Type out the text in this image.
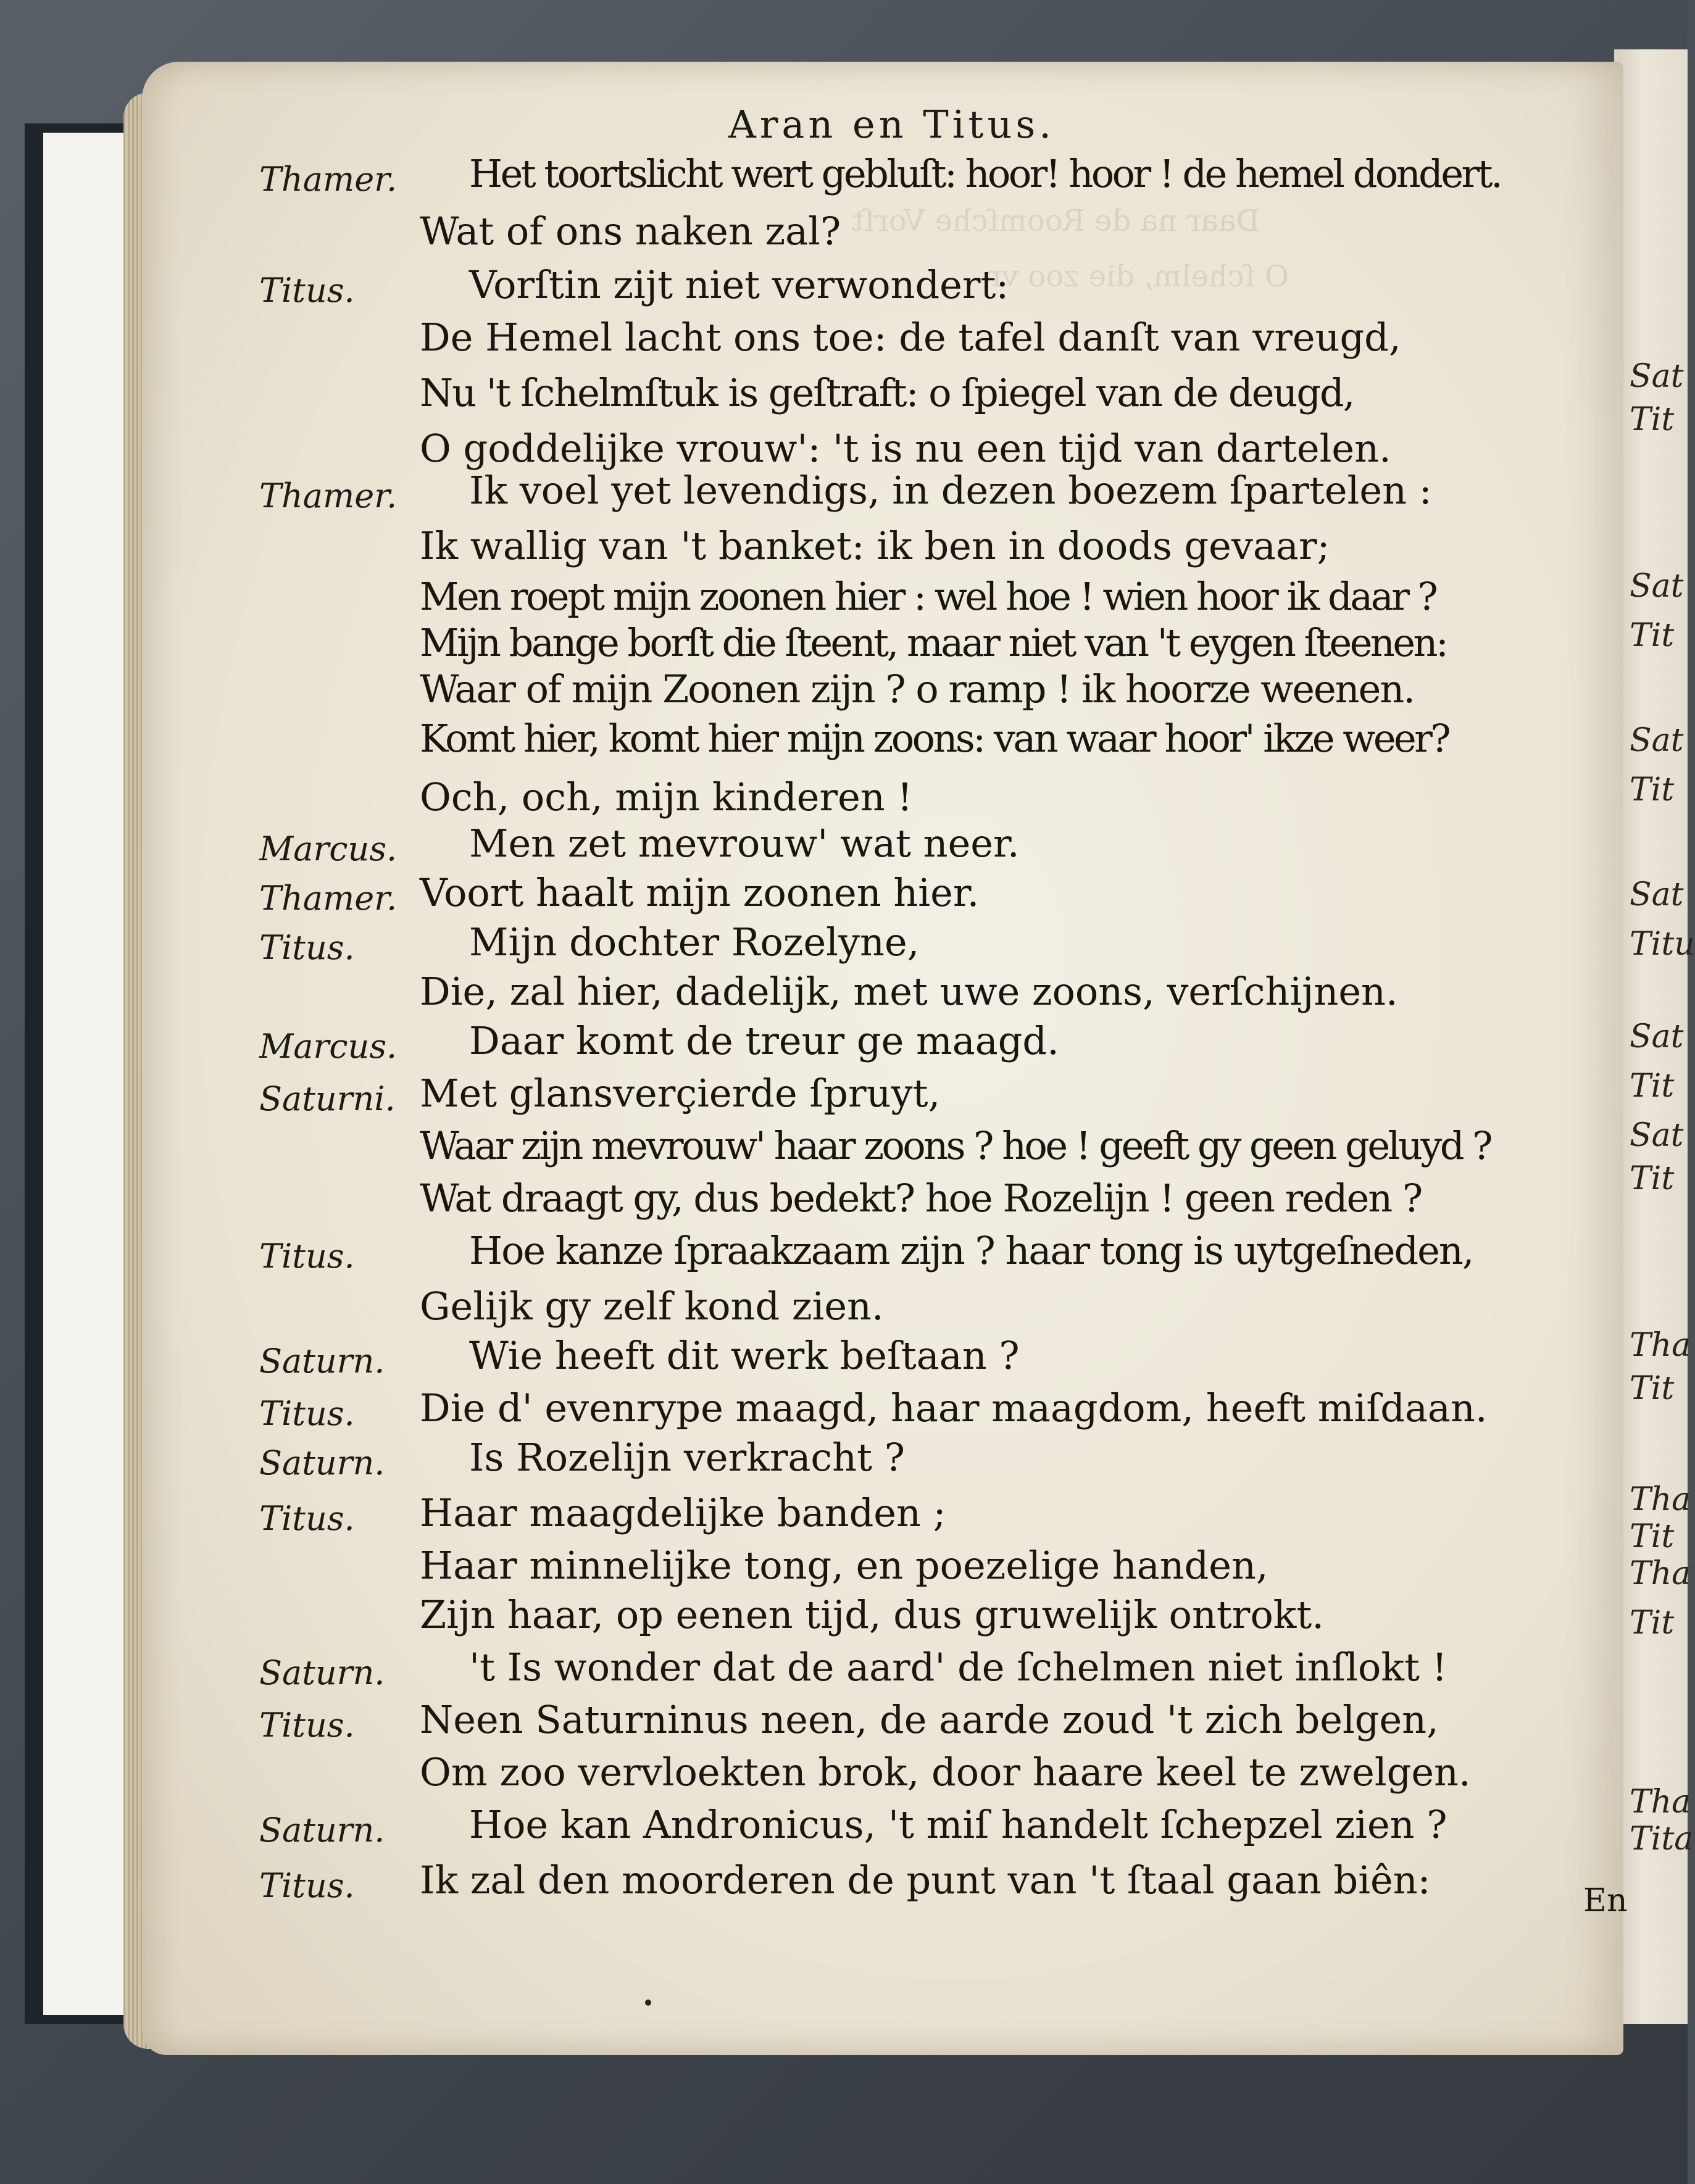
Sat
Tit
Sat
Tit
Sat
Tit
Sat
Titu
Sat
Tit
Sat
Tit
Tha
Tit
Tha
Tit
Tha
Tit
Tha
Tita
Daar na de Roomſche Vorſt
O ſchelm, die zoo vr
Aran en Titus.
Thamer. Het toortslicht wert gebluſt: hoor! hoor ! de hemel dondert.
Wat of ons naken zal?
Titus.	Vorſtin zijt niet verwondert:
De Hemel lacht ons toe: de tafel danſt van vreugd,
Nu 't ſchelmſtuk is geſtraft: o ſpiegel van de deugd,
O goddelijke vrouw': 't is nu een tijd van dartelen.
Thamer. Ik voel yet levendigs, in dezen boezem ſpartelen :
Ik wallig van 't banket: ik ben in doods gevaar;
Men roept mijn zoonen hier : wel hoe ! wien hoor ik daar ?
Mijn bange borſt die ſteent, maar niet van 't eygen ſteenen:
Waar of mijn Zoonen zijn ? o ramp ! ik hoorze weenen.
Komt hier, komt hier mijn zoons: van waar hoor' ikze weer?
Och, och, mijn kinderen !
Marcus. Men zet mevrouw' wat neer.
Thamer. Voort haalt mijn zoonen hier.
Titus.	Mijn dochter Rozelyne,
Die, zal hier, dadelijk, met uwe zoons, verſchijnen.
Marcus. Daar komt de treur ge maagd.
Saturni. Met glansverçierde ſpruyt,
Waar zijn mevrouw' haar zoons ? hoe ! geeft gy geen geluyd ?
Wat draagt gy, dus bedekt? hoe Rozelijn ! geen reden ?
Titus.	Hoe kanze ſpraakzaam zijn ? haar tong is uytgeſneden,
Gelijk gy zelf kond zien.
Saturn. Wie heeft dit werk beſtaan ?
Titus. Die d' evenrype maagd, haar maagdom, heeft miſdaan.
Saturn. Is Rozelijn verkracht ?
Titus. Haar maagdelijke banden ;
Haar minnelijke tong, en poezelige handen,
Zijn haar, op eenen tijd, dus gruwelijk ontrokt.
Saturn. 't Is wonder dat de aard' de ſchelmen niet inſlokt !
Titus. Neen Saturninus neen, de aarde zoud 't zich belgen,
Om zoo vervloekten brok, door haare keel te zwelgen.
Saturn. Hoe kan Andronicus, 't miſ handelt ſchepzel zien ?
Titus. Ik zal den moorderen de punt van 't ſtaal gaan biên:	En
